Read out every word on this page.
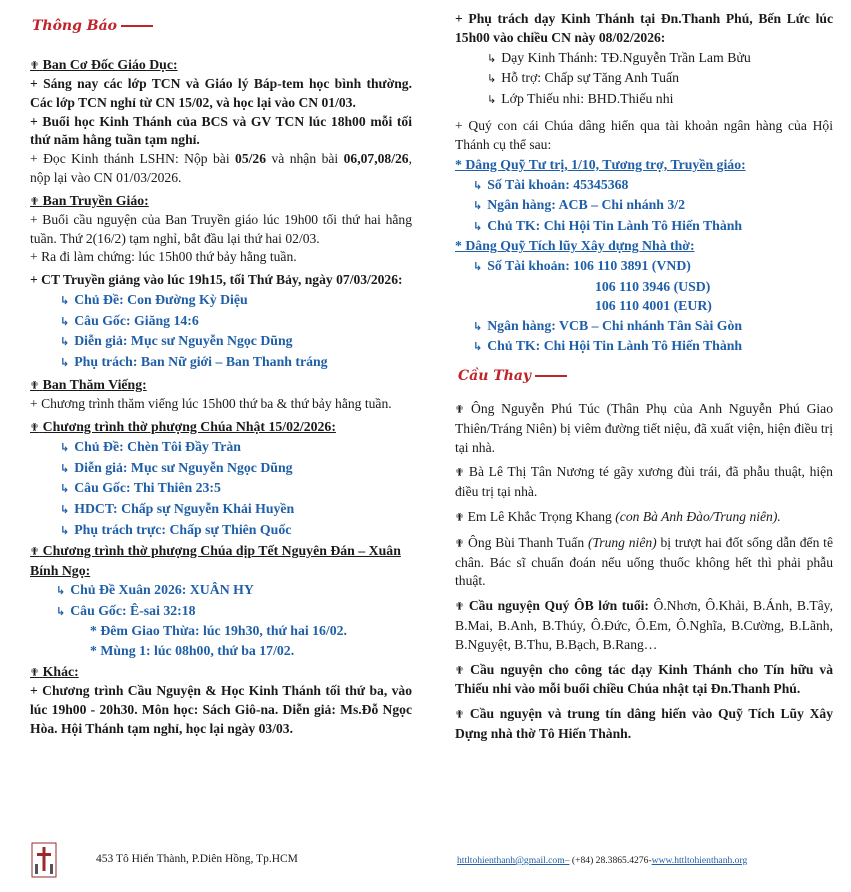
Thông Báo

✟ Ban Cơ Đốc Giáo Dục:

+ Sáng nay các lớp TCN và Giáo lý Báp-tem học bình thường. Các lớp TCN nghỉ từ CN 15/02, và học lại vào CN 01/03.

+ Buổi học Kinh Thánh của BCS và GV TCN lúc 18h00 mỗi tối thứ năm hằng tuần tạm nghỉ.

+ Đọc Kinh thánh LSHN: Nộp bài 05/26 và nhận bài 06,07,08/26, nộp lại vào CN 01/03/2026.

✟ Ban Truyền Giáo:

+ Buổi cầu nguyện của Ban Truyền giáo lúc 19h00 tối thứ hai hằng tuần. Thứ 2(16/2) tạm nghỉ, bắt đầu lại thứ hai 02/03.

+ Ra đi làm chứng: lúc 15h00 thứ bảy hằng tuần.

+ CT Truyền giảng vào lúc 19h15, tối Thứ Bảy, ngày 07/03/2026:

↳ Chủ Đề: Con Đường Kỳ Diệu

↳ Câu Gốc: Giăng 14:6

↳ Diễn giả: Mục sư Nguyễn Ngọc Dũng

↳ Phụ trách: Ban Nữ giới – Ban Thanh tráng

✟ Ban Thăm Viếng:

+ Chương trình thăm viếng lúc 15h00 thứ ba & thứ bảy hằng tuần.

✟ Chương trình thờ phượng Chúa Nhật 15/02/2026:

↳ Chủ Đề: Chèn Tôi Đầy Tràn

↳ Diễn giả: Mục sư Nguyễn Ngọc Dũng

↳ Câu Gốc: Thi Thiên 23:5

↳ HDCT: Chấp sự Nguyễn Khải Huyền

↳ Phụ trách trực: Chấp sự Thiên Quốc

✟ Chương trình thờ phượng Chúa dịp Tết Nguyên Đán – Xuân Bính Ngọ:

↳ Chủ Đề Xuân 2026: XUÂN HY

↳ Câu Gốc: Ê-sai 32:18

* Đêm Giao Thừa: lúc 19h30, thứ hai 16/02.

* Mùng 1: lúc 08h00, thứ ba 17/02.

✟ Khác:

+ Chương trình Cầu Nguyện & Học Kinh Thánh tối thứ ba, vào lúc 19h00 - 20h30. Môn học: Sách Giô-na. Diễn giả: Ms.Đỗ Ngọc Hòa. Hội Thánh tạm nghỉ, học lại ngày 03/03.

+ Phụ trách dạy Kinh Thánh tại Đn.Thanh Phú, Bến Lức lúc 15h00 vào chiều CN này 08/02/2026:

↳ Dạy Kinh Thánh: TĐ.Nguyễn Trần Lam Bửu

↳ Hỗ trợ: Chấp sự Tăng Anh Tuấn

↳ Lớp Thiếu nhi: BHD.Thiếu nhi

+ Quý con cái Chúa dâng hiến qua tài khoản ngân hàng của Hội Thánh cụ thể sau:

* Dâng Quỹ Tư trị, 1/10, Tương trợ, Truyền giáo:

↳ Số Tài khoản: 45345368

↳ Ngân hàng: ACB – Chi nhánh 3/2

↳ Chủ TK: Chi Hội Tin Lành Tô Hiến Thành

* Dâng Quỹ Tích lũy Xây dựng Nhà thờ:

↳ Số Tài khoản: 106 110 3891 (VND)

106 110 3946 (USD)

106 110 4001 (EUR)

↳ Ngân hàng: VCB – Chi nhánh Tân Sài Gòn

↳ Chủ TK: Chi Hội Tin Lành Tô Hiến Thành

Cầu Thay

✟ Ông Nguyễn Phú Túc (Thân Phụ của Anh Nguyễn Phú Giao Thiên/Tráng Niên) bị viêm đường tiết niệu, đã xuất viện, hiện điều trị tại nhà.

✟ Bà Lê Thị Tân Nương té gãy xương đùi trái, đã phẫu thuật, hiện điều trị tại nhà.

✟ Em Lê Khắc Trọng Khang (con Bà Anh Đào/Trung niên).

✟ Ông Bùi Thanh Tuấn (Trung niên) bị trượt hai đốt sống dẫn đến tê chân. Bác sĩ chuẩn đoán nếu uống thuốc không hết thì phải phẫu thuật.

✟ Cầu nguyện Quý ÔB lớn tuổi: Ô.Nhơn, Ô.Khải, B.Ánh, B.Tây, B.Mai, B.Anh, B.Thúy, Ô.Đức, Ô.Em, Ô.Nghĩa, B.Cường, B.Lãnh, B.Nguyệt, B.Thu, B.Bạch, B.Rang…

✟ Cầu nguyện cho công tác dạy Kinh Thánh cho Tín hữu và Thiếu nhi vào mỗi buổi chiều Chúa nhật tại Đn.Thanh Phú.

✟ Cầu nguyện và trung tín dâng hiến vào Quỹ Tích Lũy Xây Dựng nhà thờ Tô Hiến Thành.

453 Tô Hiến Thành, P.Diên Hồng, Tp.HCM	httltohienthanh@gmail.com– (+84) 28.3865.4276-www.httltohienthanh.org
